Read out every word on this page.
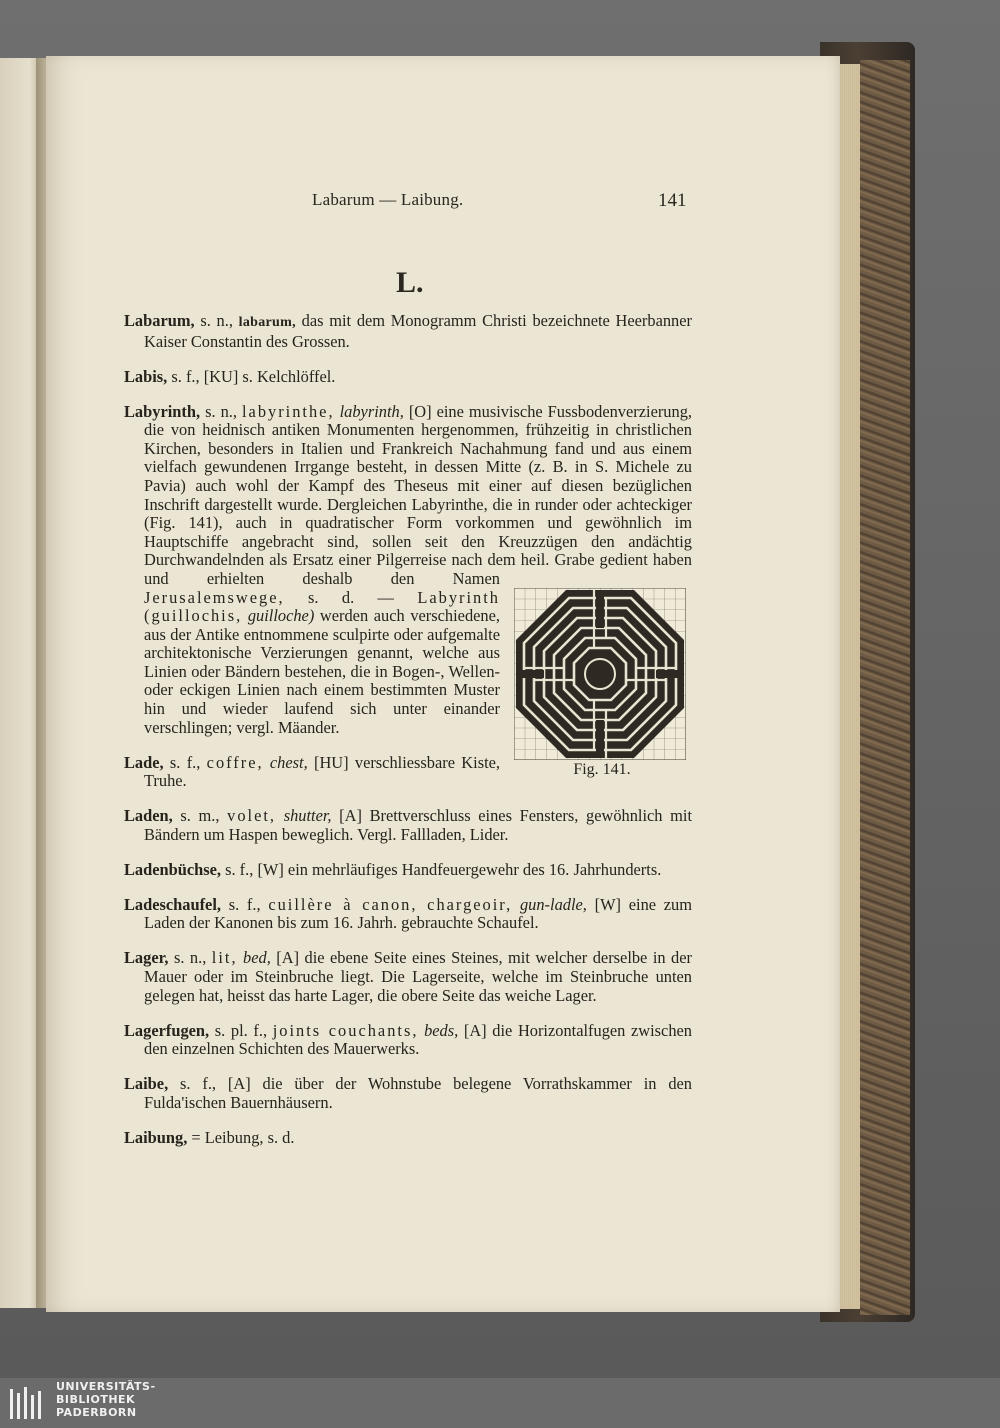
Labarum — Laibung.	141
L.

Labarum, s. n., labarum, das mit dem Monogramm Christi bezeichnete Heerbanner Kaiser Constantin des Grossen.

Labis, s. f., [KU] s. Kelchlöffel.

Labyrinth, s. n., labyrinthe, labyrinth, [O] eine musivische Fussbodenverzierung, die von heidnisch antiken Monumenten hergenommen, frühzeitig in christlichen Kirchen, besonders in Italien und Frankreich Nachahmung fand und aus einem vielfach gewundenen Irrgange besteht, in dessen Mitte (z. B. in S. Michele zu Pavia) auch wohl der Kampf des Theseus mit einer auf diesen bezüglichen Inschrift dargestellt wurde. Dergleichen Labyrinthe, die in runder oder achteckiger (Fig. 141), auch in quadratischer Form vorkommen und gewöhnlich im Hauptschiffe angebracht sind, sollen seit den Kreuzzügen den andächtig Durchwandelnden als Ersatz einer Pilgerreise nach dem heil. Grabe gedient haben und erhielten deshalb den Namen
Fig. 141.
Jerusalemswege, s. d. — Labyrinth (guillochis, guilloche) werden auch verschiedene, aus der Antike entnommene sculpirte oder aufgemalte architektonische Verzierungen genannt, welche aus Linien oder Bändern bestehen, die in Bogen-, Wellen- oder eckigen Linien nach einem bestimmten Muster hin und wieder laufend sich unter einander verschlingen; vergl. Mäander.

Lade, s. f., coffre, chest, [HU] verschliessbare Kiste, Truhe.

Laden, s. m., volet, shutter, [A] Brettverschluss eines Fensters, gewöhnlich mit Bändern um Haspen beweglich. Vergl. Fallladen, Lider.

Ladenbüchse, s. f., [W] ein mehrläufiges Handfeuergewehr des 16. Jahrhunderts.

Ladeschaufel, s. f., cuillère à canon, chargeoir, gun-ladle, [W] eine zum Laden der Kanonen bis zum 16. Jahrh. gebrauchte Schaufel.

Lager, s. n., lit, bed, [A] die ebene Seite eines Steines, mit welcher derselbe in der Mauer oder im Steinbruche liegt. Die Lagerseite, welche im Steinbruche unten gelegen hat, heisst das harte Lager, die obere Seite das weiche Lager.

Lagerfugen, s. pl. f., joints couchants, beds, [A] die Horizontalfugen zwischen den einzelnen Schichten des Mauerwerks.

Laibe, s. f., [A] die über der Wohnstube belegene Vorrathskammer in den Fulda'ischen Bauernhäusern.

Laibung, = Leibung, s. d.

UNIVERSITÄTS-
BIBLIOTHEK
PADERBORN
